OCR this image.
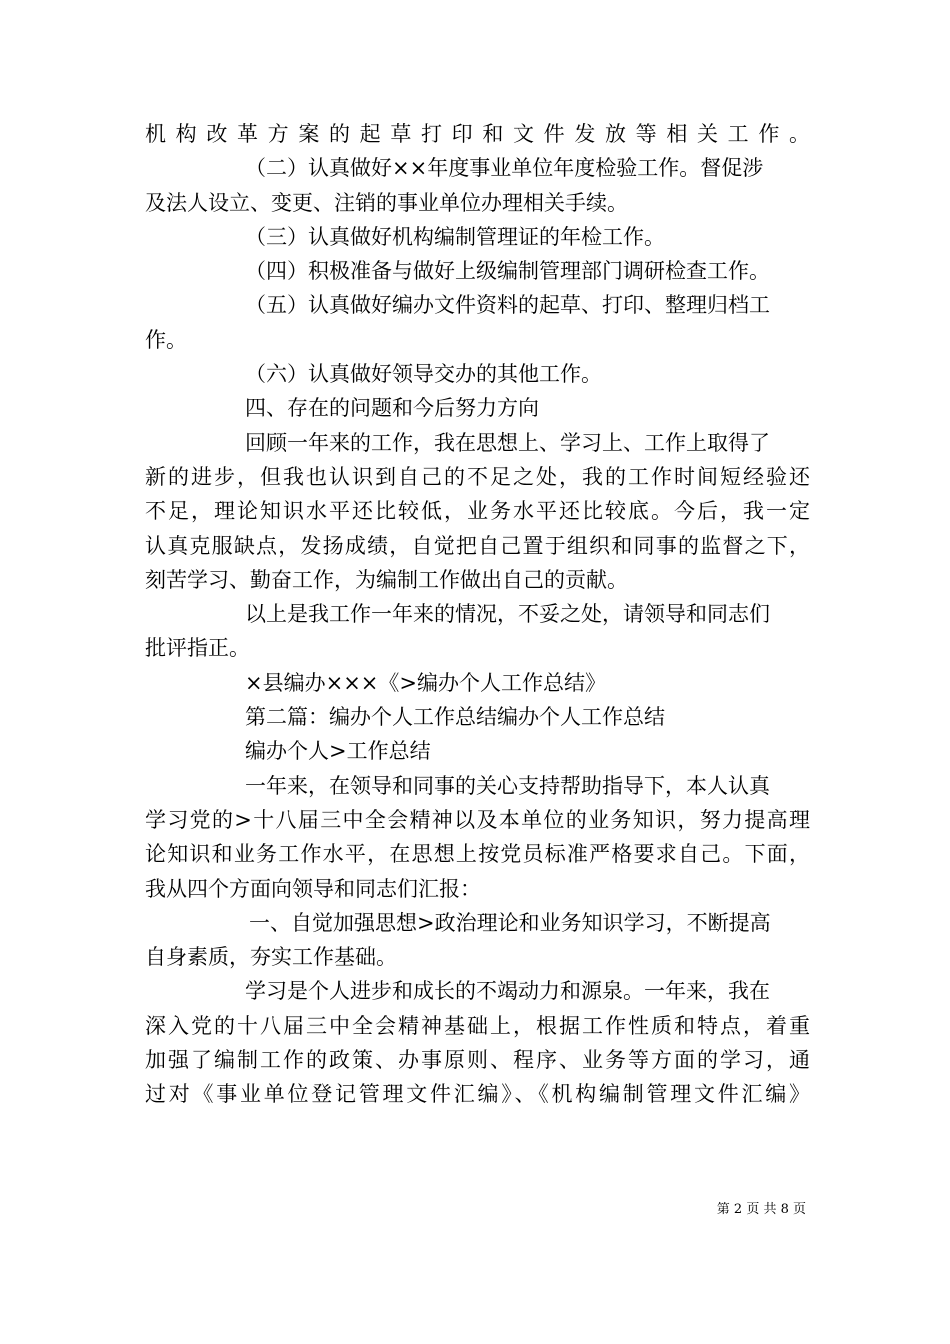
机构改革方案的起草打印和文件发放等相关工作。
（二）认真做好××年度事业单位年度检验工作。督促涉
及法人设立、变更、注销的事业单位办理相关手续。
（三）认真做好机构编制管理证的年检工作。
（四）积极准备与做好上级编制管理部门调研检查工作。
（五）认真做好编办文件资料的起草、打印、整理归档工
作。
（六）认真做好领导交办的其他工作。
四、存在的问题和今后努力方向
回顾一年来的工作，我在思想上、学习上、工作上取得了
新的进步，但我也认识到自己的不足之处，我的工作时间短经验还
不足，理论知识水平还比较低，业务水平还比较底。今后，我一定
认真克服缺点，发扬成绩，自觉把自己置于组织和同事的监督之下，
刻苦学习、勤奋工作，为编制工作做出自己的贡献。
以上是我工作一年来的情况，不妥之处，请领导和同志们
批评指正。
×县编办×××《>编办个人工作总结》
第二篇：编办个人工作总结编办个人工作总结
编办个人>工作总结
一年来，在领导和同事的关心支持帮助指导下，本人认真
学习党的>十八届三中全会精神以及本单位的业务知识，努力提高理
论知识和业务工作水平，在思想上按党员标准严格要求自己。下面，
我从四个方面向领导和同志们汇报：
一、自觉加强思想>政治理论和业务知识学习，不断提高
自身素质，夯实工作基础。
学习是个人进步和成长的不竭动力和源泉。一年来，我在
深入党的十八届三中全会精神基础上，根据工作性质和特点，着重
加强了编制工作的政策、办事原则、程序、业务等方面的学习，通
过对《事业单位登记管理文件汇编》、《机构编制管理文件汇编》
第 2 页 共 8 页
